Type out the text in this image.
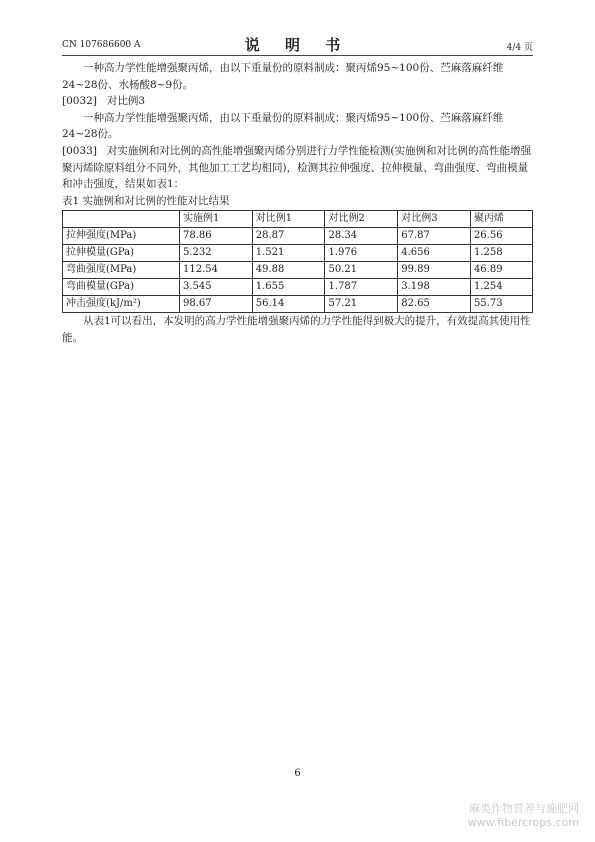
CN 107686600 A	说 明 书	4/4 页

一种高力学性能增强聚丙烯，由以下重量份的原料制成：聚丙烯95~100份、苎麻落麻纤维24~28份、水杨酸8~9份。

[0032] 对比例3

一种高力学性能增强聚丙烯，由以下重量份的原料制成：聚丙烯95~100份、苎麻落麻纤维24~28份。

[0033] 对实施例和对比例的高性能增强聚丙烯分别进行力学性能检测(实施例和对比例的高性能增强聚丙烯除原料组分不同外，其他加工工艺均相同)，检测其拉伸强度、拉伸模量、弯曲强度、弯曲模量和冲击强度，结果如表1：

表1 实施例和对比例的性能对比结果

	实施例1	对比例1	对比例2	对比例3	聚丙烯
拉伸强度(MPa)	78.86	28.87	28.34	67.87	26.56
拉伸模量(GPa)	5.232	1.521	1.976	4.656	1.258
弯曲强度(MPa)	112.54	49.88	50.21	99.89	46.89
弯曲模量(GPa)	3.545	1.655	1.787	3.198	1.254
冲击强度(kJ/m²)	98.67	56.14	57.21	82.65	55.73

从表1可以看出，本发明的高力学性能增强聚丙烯的力学性能得到极大的提升，有效提高其使用性能。

6
麻类作物营养与施肥网
www.fibercrops.com
